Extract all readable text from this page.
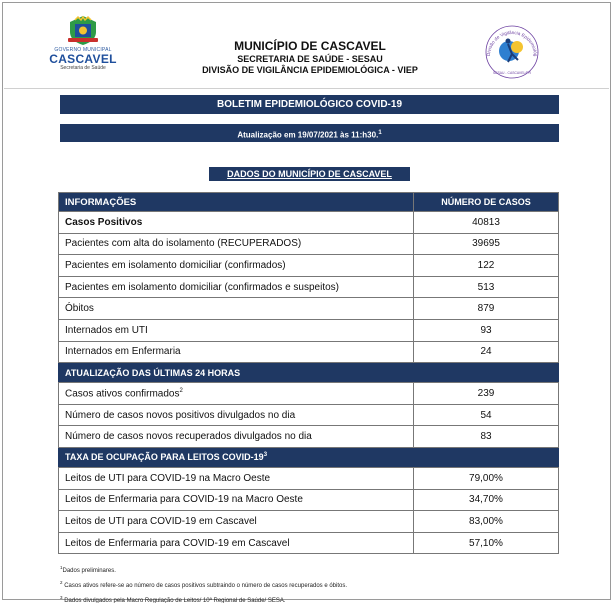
GOVERNO MUNICIPAL
CASCAVEL
Secretaria de Saúde
MUNICÍPIO DE CASCAVEL
SECRETARIA DE SAÚDE - SESAU
DIVISÃO DE VIGILÂNCIA EPIDEMIOLÓGICA - VIEP
Divisão de Vigilância Epidemiológ
SESAU - CASCAVEL/PR
BOLETIM EPIDEMIOLÓGICO COVID-19
Atualização em 19/07/2021 às 11:h30.$^1$
DADOS DO MUNICÍPIO DE CASCAVEL
INFORMAÇÕES	NÚMERO DE CASOS
Casos Positivos	40813
Pacientes com alta do isolamento (RECUPERADOS)	39695
Pacientes em isolamento domiciliar (confirmados)	122
Pacientes em isolamento domiciliar (confirmados e suspeitos)	513
Óbitos	879
Internados em UTI	93
Internados em Enfermaria	24
ATUALIZAÇÃO DAS ÚLTIMAS 24 HORAS	
Casos ativos confirmados$^2$	239
Número de casos novos positivos divulgados no dia	54
Número de casos novos recuperados divulgados no dia	83
TAXA DE OCUPAÇÃO PARA LEITOS COVID-$19^3$
Leitos de UTI para COVID-19 na Macro Oeste	79,00%
Leitos de Enfermaria para COVID-19 na Macro Oeste	34,70%
Leitos de UTI para COVID-19 em Cascavel	83,00%
Leitos de Enfermaria para COVID-19 em Cascavel	57,10%
$^1$Dados preliminares.
$^2$ Casos ativos refere-se ao número de casos positivos subtraindo o número de casos recuperados e óbitos.
$^3$ Dados divulgados pela Macro Regulação de Leitos/ 10ª Regional de Saúde/ SESA.
